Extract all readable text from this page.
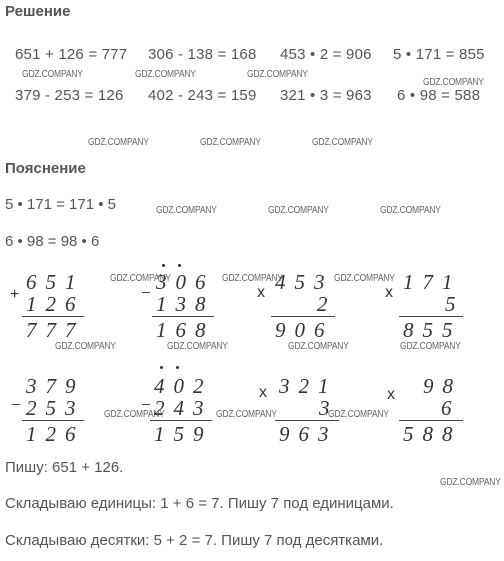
Решение
651 + 126 = 777 306 - 138 = 168 453 • 2 = 906 5 • 171 = 855
379 - 253 = 126 402 - 243 = 159 321 • 3 = 963 6 • 98 = 588
Пояснение
5 • 171 = 171 • 5
6 • 98 = 98 • 6
GDZ.COMPANY	GDZ.COMPANY	GDZ.COMPANY
GDZ.COMPANY
GDZ.COMPANY	GDZ.COMPANY	GDZ.COMPANY
GDZ.COMPANY	GDZ.COMPANY	GDZ.COMPANY
GDZ.COMPANY	GDZ.COMPANY	GDZ.COMPANY
GDZ.COMPANY	GDZ.COMPANY	GDZ.COMPANY	GDZ.COMPANY
GDZ.COMPANY	GDZ.COMPANY	GDZ.COMPANY
GDZ.COMPANY
+
651
126
777
306
138
168
x 453
2
906
x 171
5
855
379
253
126
402
243
159
x 321
3
963
x 98
6
588
Пишу: 651 + 126.
Складываю единицы: 1 + 6 = 7. Пишу 7 под единицами.
Складываю десятки: 5 + 2 = 7. Пишу 7 под десятками.
